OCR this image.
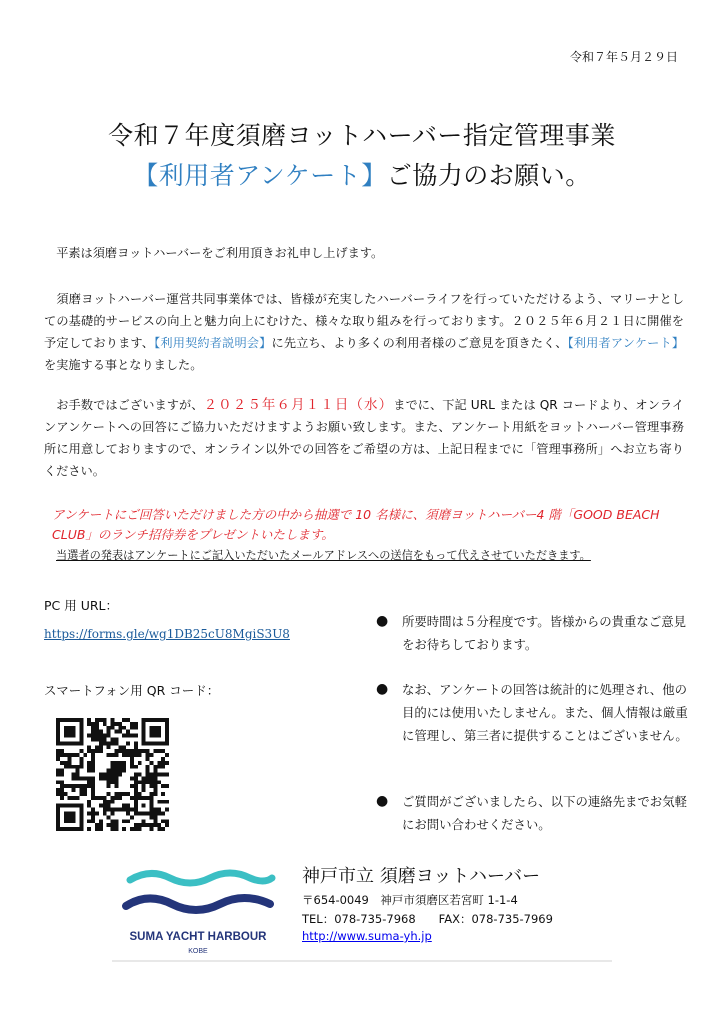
令和７年５月２９日
令和７年度須磨ヨットハーバー指定管理事業
【利用者アンケート】ご協力のお願い。
　平素は須磨ヨットハーバーをご利用頂きお礼申し上げます。
　須磨ヨットハーバー運営共同事業体では、皆様が充実したハーバーライフを行っていただけるよう、マリーナとしての基礎的サービスの向上と魅力向上にむけた、様々な取り組みを行っております。２０２５年６月２１日に開催を予定しております、【利用契約者説明会】に先立ち、より多くの利用者様のご意見を頂きたく、【利用者アンケート】を実施する事となりました。
　お手数ではございますが、２０２５年６月１１日（水）までに、下記 URL または QR コードより、オンラインアンケートへの回答にご協力いただけますようお願い致します。また、アンケート用紙をヨットハーバー管理事務所に用意しておりますので、オンライン以外での回答をご希望の方は、上記日程までに「管理事務所」へお立ち寄りください。
アンケートにご回答いただけました方の中から抽選で 10 名様に、須磨ヨットハーバー4 階「GOOD BEACH CLUB」のランチ招待券をプレゼントいたします。
当選者の発表はアンケートにご記入いただいたメールアドレスへの送信をもって代えさせていただきます。
PC 用 URL：
https://forms.gle/wg1DB25cU8MgiS3U8
スマートフォン用 QR コード：
● 所要時間は５分程度です。皆様からの貴重なご意見をお待ちしております。
● なお、アンケートの回答は統計的に処理され、他の目的には使用いたしません。また、個人情報は厳重に管理し、第三者に提供することはございません。
● ご質問がございましたら、以下の連絡先までお気軽にお問い合わせください。
SUMA YACHT HARBOUR
KOBE
神戸市立 須磨ヨットハーバー
〒654-0049　神戸市須磨区若宮町 1-1-4
TEL：078-735-7968　　FAX：078-735-7969
http://www.suma-yh.jp
